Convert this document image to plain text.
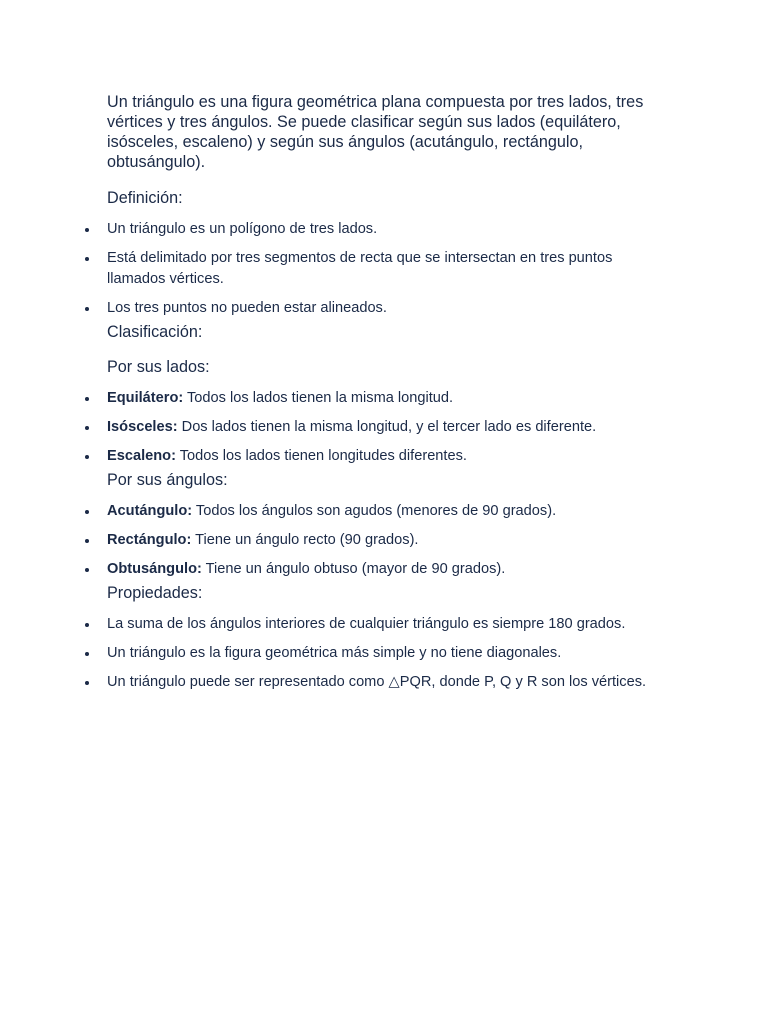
Un triángulo es una figura geométrica plana compuesta por tres lados, tres vértices y tres ángulos. Se puede clasificar según sus lados (equilátero, isósceles, escaleno) y según sus ángulos (acutángulo, rectángulo, obtusángulo).

Definición:

Un triángulo es un polígono de tres lados.
Está delimitado por tres segmentos de recta que se intersectan en tres puntos llamados vértices.
Los tres puntos no pueden estar alineados.

Clasificación:

Por sus lados:

Equilátero: Todos los lados tienen la misma longitud.
Isósceles: Dos lados tienen la misma longitud, y el tercer lado es diferente.
Escaleno: Todos los lados tienen longitudes diferentes.

Por sus ángulos:

Acutángulo: Todos los ángulos son agudos (menores de 90 grados).
Rectángulo: Tiene un ángulo recto (90 grados).
Obtusángulo: Tiene un ángulo obtuso (mayor de 90 grados).

Propiedades:

La suma de los ángulos interiores de cualquier triángulo es siempre 180 grados.
Un triángulo es la figura geométrica más simple y no tiene diagonales.
Un triángulo puede ser representado como △PQR, donde P, Q y R son los vértices.
